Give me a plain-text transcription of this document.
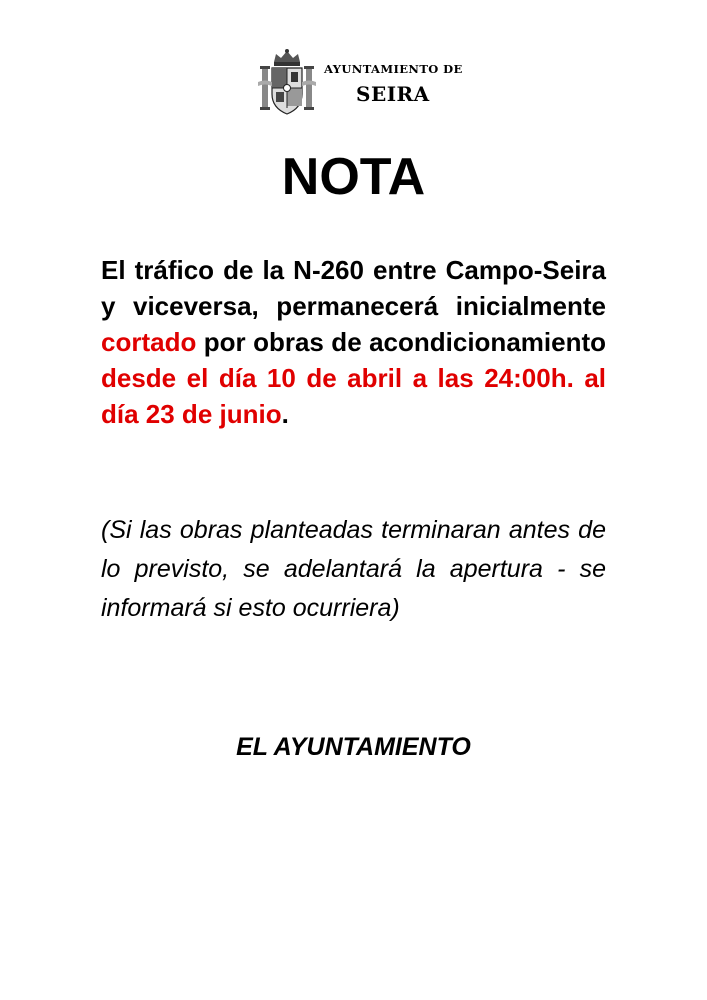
AYUNTAMIENTO DE
SEIRA
NOTA
El tráfico de la N-260 entre Campo-Seira y viceversa, permanecerá inicialmente cortado por obras de acondicionamiento desde el día 10 de abril a las 24:00h. al día 23 de junio.
(Si las obras planteadas terminaran antes de lo previsto, se adelantará la apertura - se informará si esto ocurriera)
EL AYUNTAMIENTO
